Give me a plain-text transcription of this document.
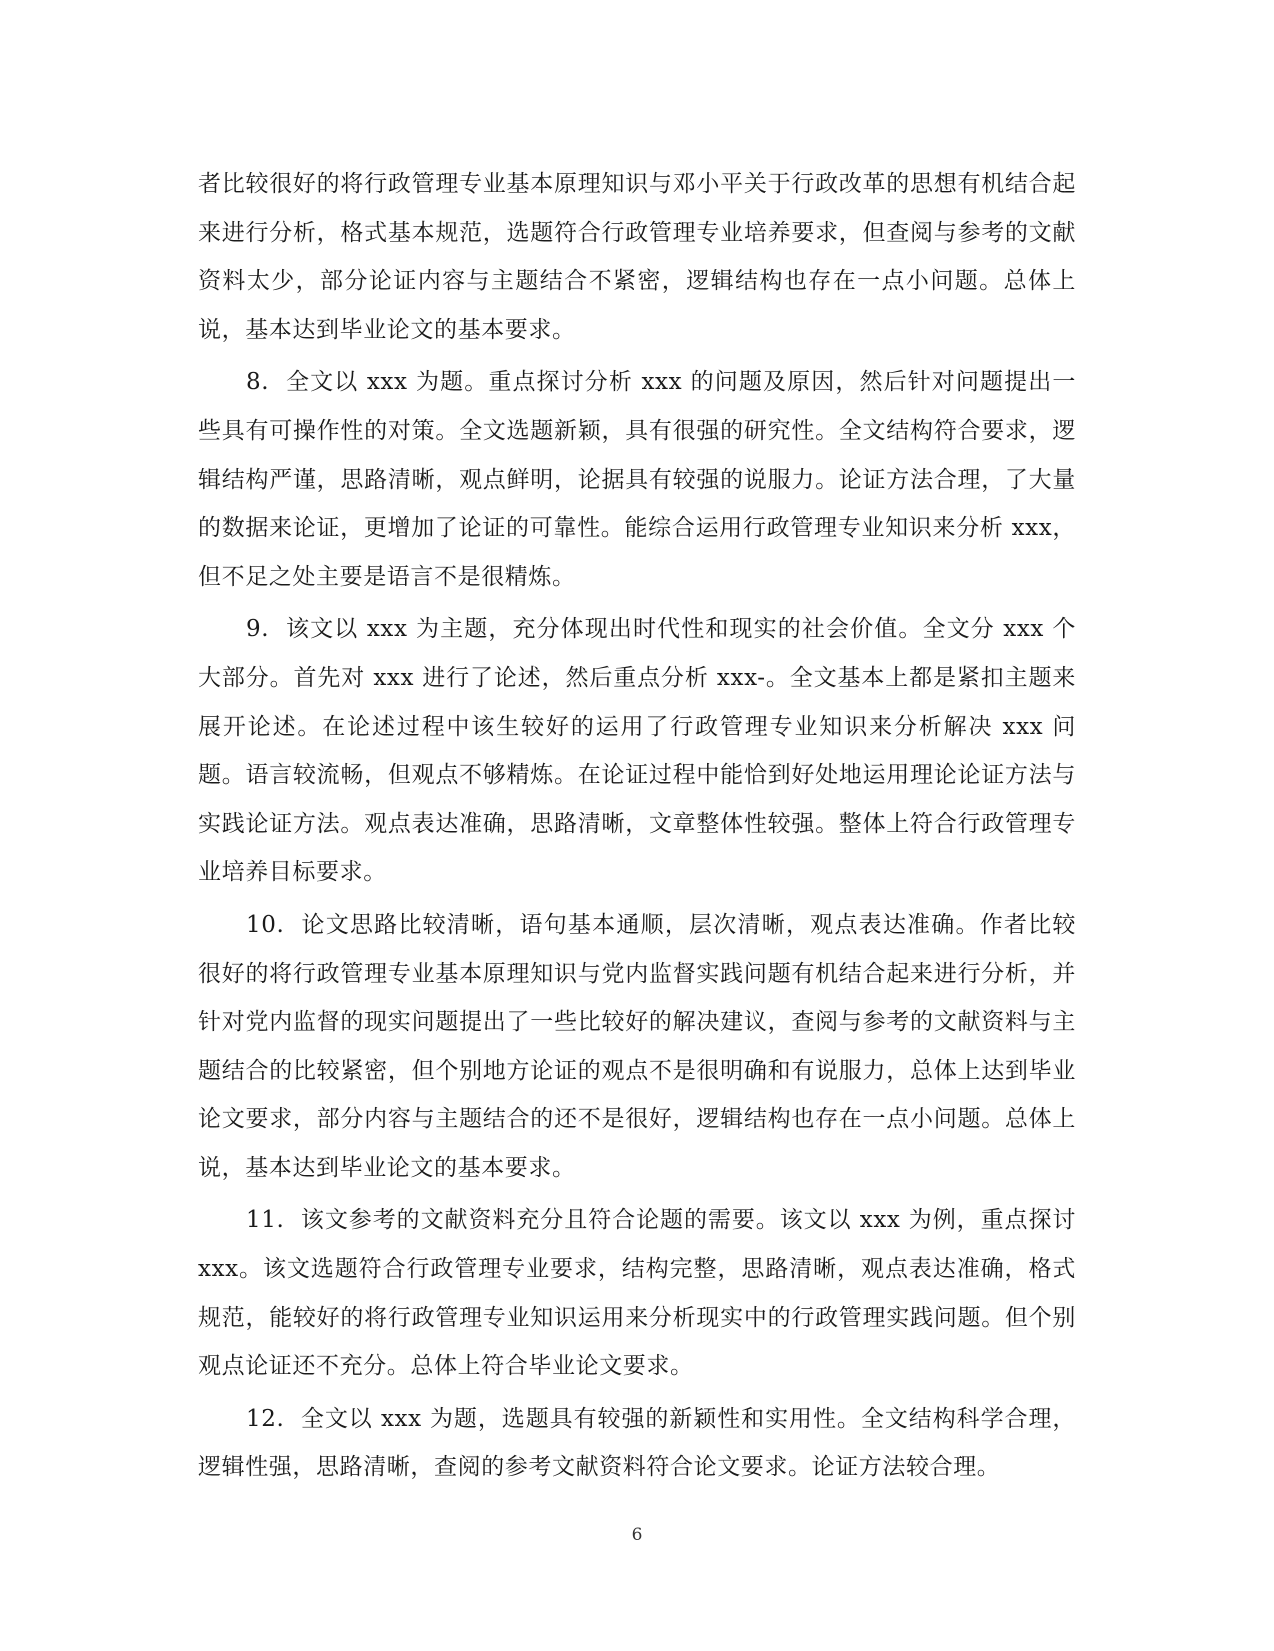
者比较很好的将行政管理专业基本原理知识与邓小平关于行政改革的思想有机结合起来进行分析，格式基本规范，选题符合行政管理专业培养要求，但查阅与参考的文献资料太少，部分论证内容与主题结合不紧密，逻辑结构也存在一点小问题。总体上说，基本达到毕业论文的基本要求。

8. 全文以 xxx 为题。重点探讨分析 xxx 的问题及原因，然后针对问题提出一些具有可操作性的对策。全文选题新颖，具有很强的研究性。全文结构符合要求，逻辑结构严谨，思路清晰，观点鲜明，论据具有较强的说服力。论证方法合理，了大量的数据来论证，更增加了论证的可靠性。能综合运用行政管理专业知识来分析 xxx，但不足之处主要是语言不是很精炼。

9. 该文以 xxx 为主题，充分体现出时代性和现实的社会价值。全文分 xxx 个大部分。首先对 xxx 进行了论述，然后重点分析 xxx-。全文基本上都是紧扣主题来展开论述。在论述过程中该生较好的运用了行政管理专业知识来分析解决 xxx 问题。语言较流畅，但观点不够精炼。在论证过程中能恰到好处地运用理论论证方法与实践论证方法。观点表达准确，思路清晰，文章整体性较强。整体上符合行政管理专业培养目标要求。

10. 论文思路比较清晰，语句基本通顺，层次清晰，观点表达准确。作者比较很好的将行政管理专业基本原理知识与党内监督实践问题有机结合起来进行分析，并针对党内监督的现实问题提出了一些比较好的解决建议，查阅与参考的文献资料与主题结合的比较紧密，但个别地方论证的观点不是很明确和有说服力，总体上达到毕业论文要求，部分内容与主题结合的还不是很好，逻辑结构也存在一点小问题。总体上说，基本达到毕业论文的基本要求。

11. 该文参考的文献资料充分且符合论题的需要。该文以 xxx 为例，重点探讨 xxx。该文选题符合行政管理专业要求，结构完整，思路清晰，观点表达准确，格式规范，能较好的将行政管理专业知识运用来分析现实中的行政管理实践问题。但个别观点论证还不充分。总体上符合毕业论文要求。

12. 全文以 xxx 为题，选题具有较强的新颖性和实用性。全文结构科学合理，逻辑性强，思路清晰，查阅的参考文献资料符合论文要求。论证方法较合理。

6
